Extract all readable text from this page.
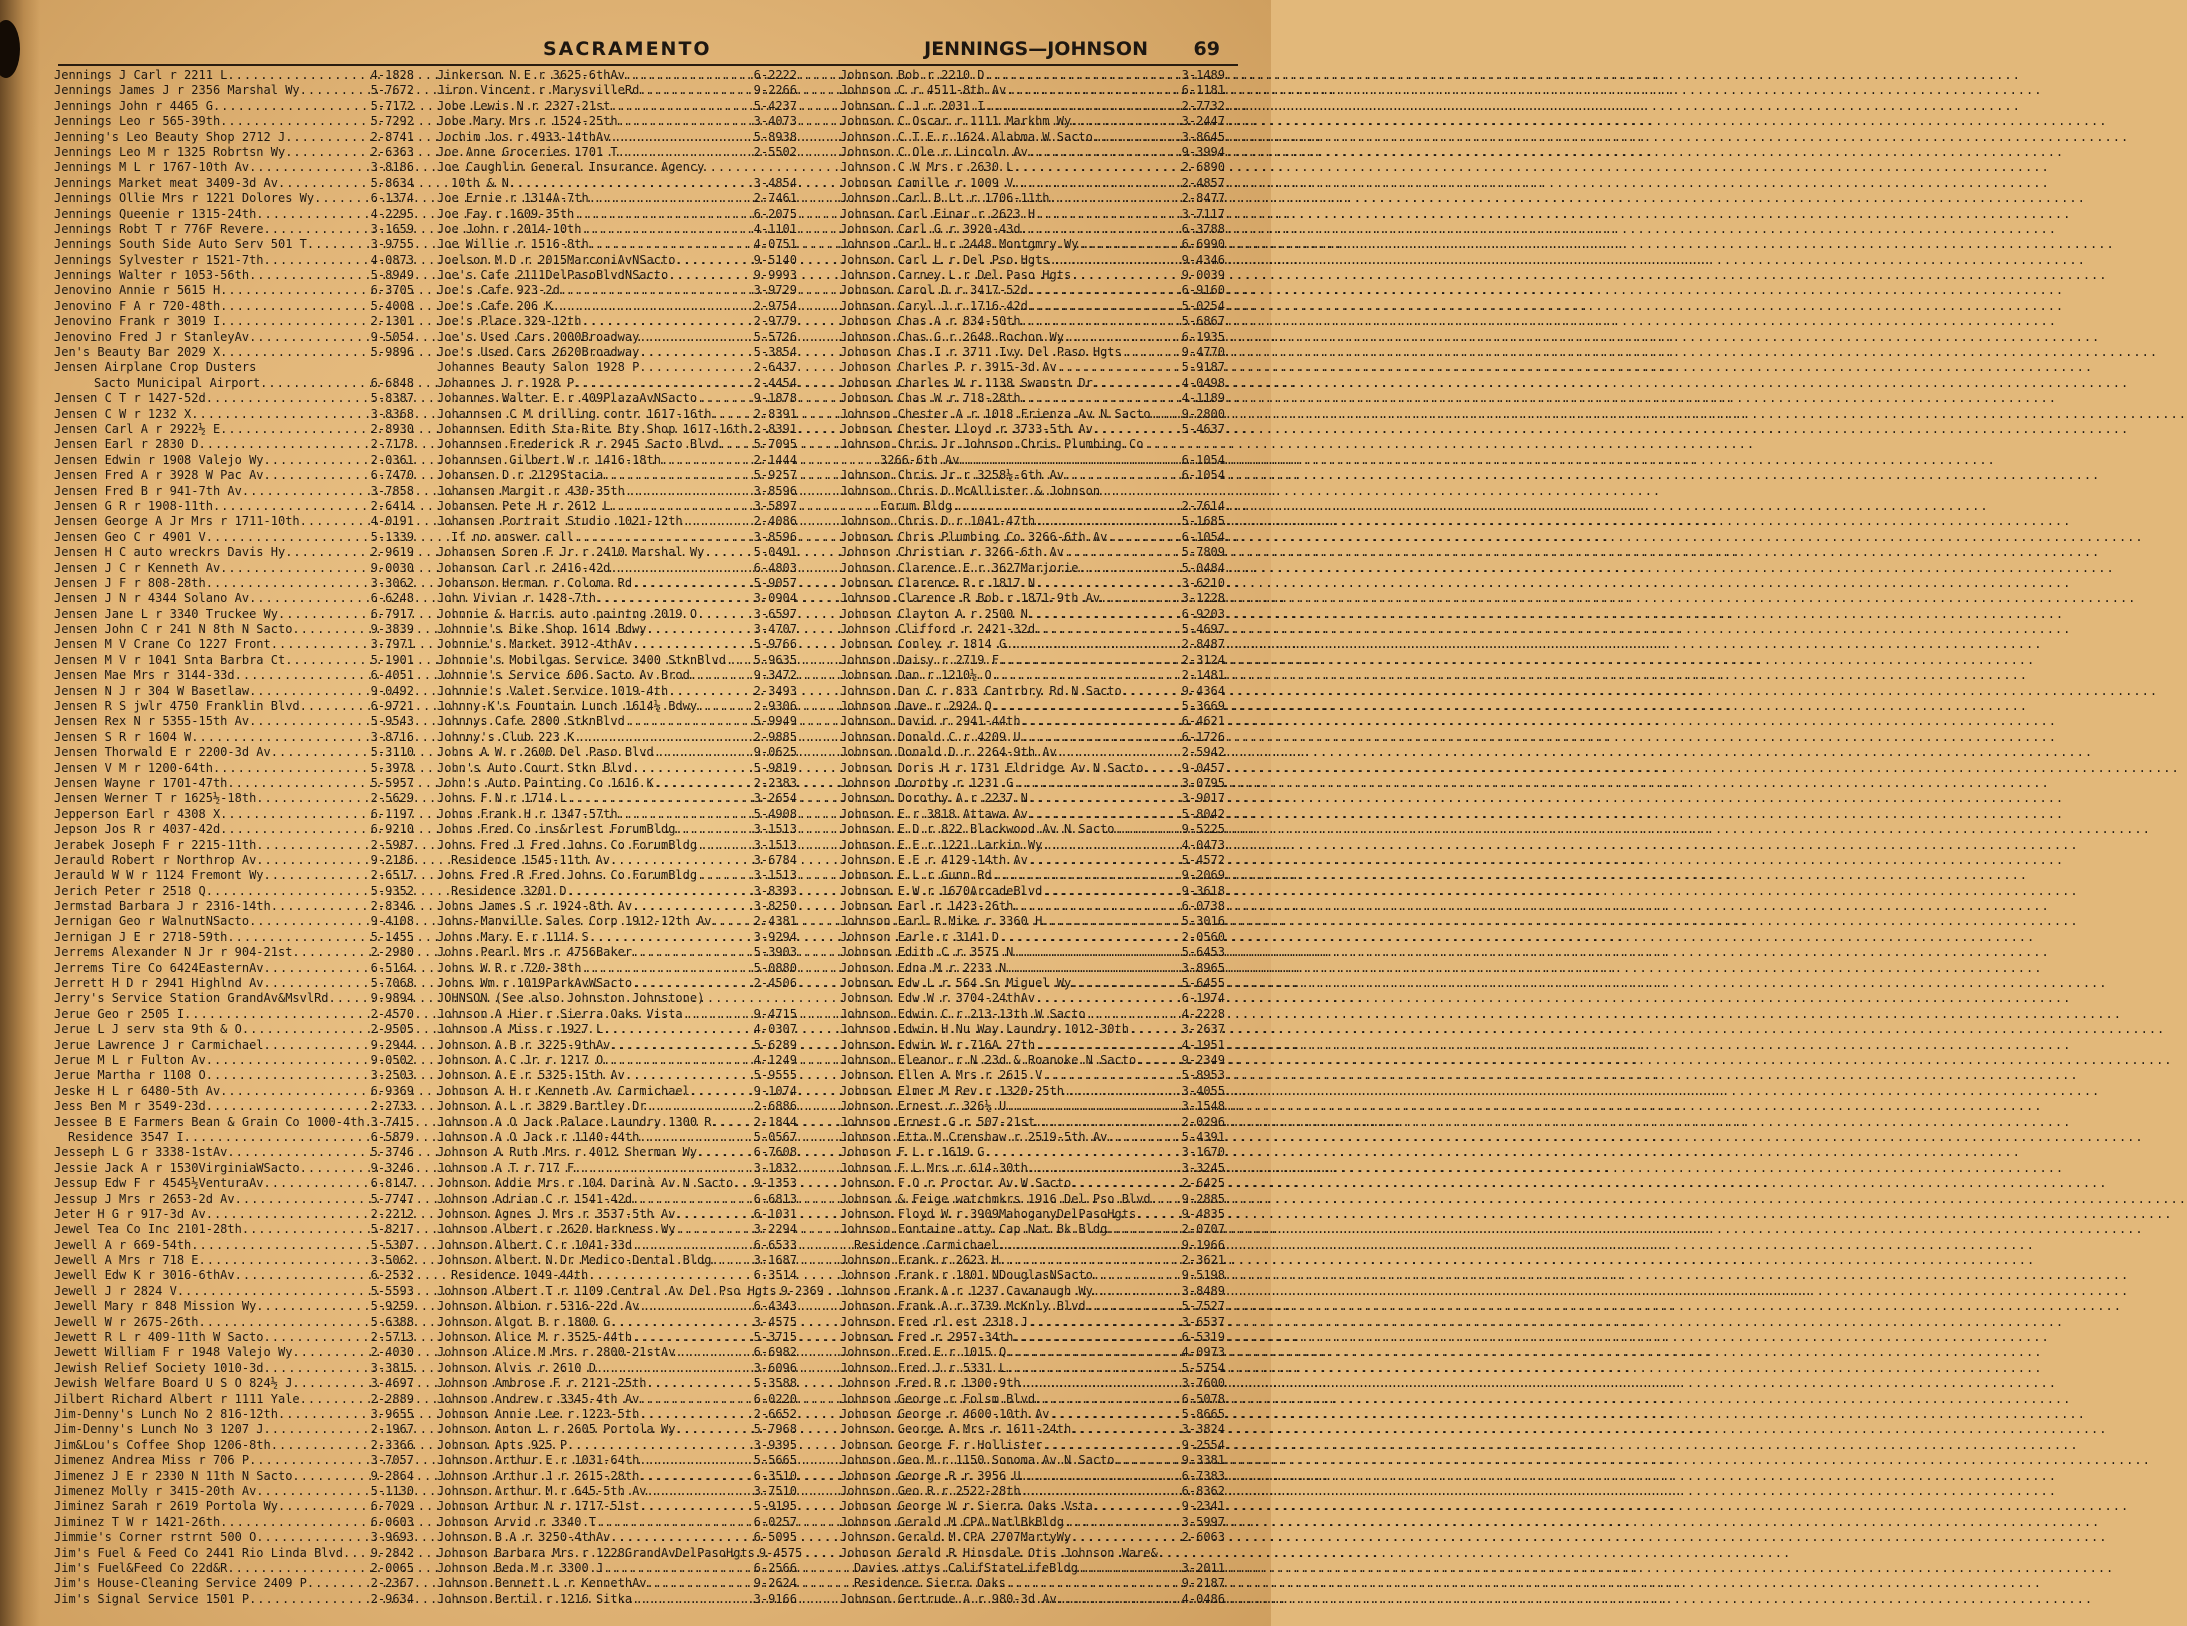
SACRAMENTO	JENNINGS—JOHNSON 69
Jennings J Carl r 2211 L .....	4-1828
Jennings James J r 2356 Marshal Wy .....	5-7672
Jennings John r 4465 G .....	5-7172
Jennings Leo r 565-39th .....	5-7292
Jenning's Leo Beauty Shop 2712 J .....	2-8741
Jennings Leo M r 1325 Robrtsn Wy .....	2-6363
Jennings M L r 1767-10th Av .....	3-8186
Jennings Market meat 3409-3d Av .....	5-8634
Jennings Ollie Mrs r 1221 Dolores Wy .....	6-1374
Jennings Queenie r 1315-24th .....	4-2295
Jennings Robt T r 776F Revere .....	3-1659
Jennings South Side Auto Serv 501 T .....	3-9755
Jennings Sylvester r 1521-7th .....	4-0873
Jennings Walter r 1053-56th .....	5-8949
Jenovino Annie r 5615 H .....	6-3705
Jenovino F A r 720-48th .....	5-4008
Jenovino Frank r 3019 I .....	2-1301
Jenovino Fred J r StanleyAv .....	9-5054
Jen's Beauty Bar 2029 X .....	5-9896
Jensen Airplane Crop Dusters
Sacto Municipal Airport .....	6-6848
Jensen C T r 1427-52d .....	5-8387
Jensen C W r 1232 X .....	3-8368
Jensen Carl A r 2922½ E .....	2-8930
Jensen Earl r 2830 D .....	2-7178
Jensen Edwin r 1908 Valejo Wy .....	2-0361
Jensen Fred A r 3928 W Pac Av .....	6-7470
Jensen Fred B r 941-7th Av .....	3-7858
Jensen G R r 1908-11th .....	2-6414
Jensen George A Jr Mrs r 1711-10th .....	4-0191
Jensen Geo C r 4901 V .....	5-1339
Jensen H C auto wreckrs Davis Hy .....	2-9619
Jensen J C r Kenneth Av .....	9-0030
Jensen J F r 808-28th .....	3-3062
Jensen J N r 4344 Solano Av .....	6-6248
Jensen Jane L r 3340 Truckee Wy .....	6-7917
Jensen John C r 241 N 8th N Sacto .....	9-3839
Jensen M V Crane Co 1227 Front .....	3-7971
Jensen M V r 1041 Snta Barbra Ct .....	5-1901
Jensen Mae Mrs r 3144-33d .....	6-4051
Jensen N J r 304 W Basetlaw .....	9-0492
Jensen R S jwlr 4750 Franklin Blvd .....	6-9721
Jensen Rex N r 5355-15th Av .....	5-9543
Jensen S R r 1604 W .....	3-8716
Jensen Thorwald E r 2200-3d Av .....	5-3110
Jensen V M r 1200-64th .....	5-3978
Jensen Wayne r 1701-47th .....	5-5957
Jensen Werner T r 1625½-18th .....	2-5629
Jepperson Earl r 4308 X .....	6-1197
Jepson Jos R r 4037-42d .....	6-9210
Jerabek Joseph F r 2215-11th .....	2-5987
Jerauld Robert r Northrop Av .....	9-2186
Jerauld W W r 1124 Fremont Wy .....	2-6517
Jerich Peter r 2518 Q .....	5-9352
Jermstad Barbara J r 2316-14th .....	2-8346
Jernigan Geo r WalnutNSacto .....	9-4108
Jernigan J E r 2718-59th .....	5-1455
Jerrems Alexander N Jr r 904-21st .....	2-2980
Jerrems Tire Co 6424EasternAv .....	6-5164
Jerrett H D r 2941 Highlnd Av .....	5-7068
Jerry's Service Station GrandAv&MsvlRd .....	9-9894
Jerue Geo r 2505 I .....	2-4570
Jerue L J serv sta 9th & O .....	2-9505
Jerue Lawrence J r Carmichael .....	9-2944
Jerue M L r Fulton Av .....	9-0502
Jerue Martha r 1108 O .....	3-2503
Jeske H L r 6480-5th Av .....	6-9369
Jess Ben M r 3549-23d .....	2-2733
Jessee B E Farmers Bean & Grain Co 1000-4th ..... 3-7415
Residence 3547 I .....	6-5879
Jesseph L G r 3338-1stAv .....	5-3746
Jessie Jack A r 1530VirginiaWSacto .....	9-3246
Jessup Edw F r 4545½VenturaAv .....	6-8147
Jessup J Mrs r 2653-2d Av .....	5-7747
Jeter H G r 917-3d Av .....	2-2212
Jewel Tea Co Inc 2101-28th .....	5-8217
Jewell A r 669-54th .....	5-5307
Jewell A Mrs r 718 E .....	3-5062
Jewell Edw K r 3016-6thAv .....	6-2532
Jewell J r 2824 V .....	5-5593
Jewell Mary r 848 Mission Wy .....	5-9259
Jewell W r 2675-26th .....	5-6388
Jewett R L r 409-11th W Sacto .....	2-5713
Jewett William F r 1948 Valejo Wy .....	2-4030
Jewish Relief Society 1010-3d .....	3-3815
Jewish Welfare Board U S O 824½ J .....	3-4697
Jilbert Richard Albert r 1111 Yale .....	2-2889
Jim-Denny's Lunch No 2 816-12th .....	3-9655
Jim-Denny's Lunch No 3 1207 J .....	2-1967
Jim&Lou's Coffee Shop 1206-8th .....	2-3366
Jimenez Andrea Miss r 706 P .....	3-7057
Jimenez J E r 2330 N 11th N Sacto .....	9-2864
Jimenez Molly r 3415-20th Av .....	5-1130
Jiminez Sarah r 2619 Portola Wy .....	6-7029
Jiminez T W r 1421-26th .....	6-0603
Jimmie's Corner rstrnt 500 O .....	3-9693
Jim's Fuel & Feed Co 2441 Rio Linda Blvd ..... 9-2842
Jim's Fuel&Feed Co 22d&R .....	2-0065
Jim's House-Cleaning Service 2409 P .....	2-2367
Jim's Signal Service 1501 P .....	2-9634
Jinkerson N E r 3625-6thAv .....	6-2222
Jiron Vincent r MarysvilleRd .....	9-2266
Jobe Lewis N r 2327-21st .....	5-4237
Jobe Mary Mrs r 1524-25th .....	3-4073
Jochim Jos r 4933-14thAv .....	5-8938
Joe Anne Groceries 1701 T .....	2-5502
Joe Caughlin General Insurance Agency
10th & N .....	3-4854
Joe Ernie r 1314A-7th .....	2-7461
Joe Fay r 1609-35th .....	6-2075
Joe John r 2014-10th .....	4-1101
Joe Willie r 1516-8th .....	4-0751
Joelson M D r 2015MarconiAvNSacto .....	9-5140
Joe's Cafe 2111DelPasoBlvdNSacto .....	9-9993
Joe's Cafe 923-2d .....	3-9729
Joe's Cafe 206 K .....	2-9754
Joe's Place 329-12th .....	2-9779
Joe's Used Cars 2000Broadway .....	5-5726
Joe's Used Cars 2620Broadway .....	5-3854
Johannes Beauty Salon 1928 P .....	2-6437
Johannes J r 1928 P .....	2-4454
Johannes Walter E r 409PlazaAvNSacto .....	9-1878
Johannsen C M drilling contr 1617-16th .....	2-8391
Johannsen Edith Sta-Rite Bty Shop 1617-16th ..... 2-8391
Johannsen Frederick R r 2945 Sacto Blvd .....	5-7095
Johannsen Gilbert W r 1416-18th .....	2-1444
Johansen D r 2129Stacia .....	5-9257
Johansen Margit r 430-35th .....	3-8596
Johansen Pete H r 2612 L .....	3-5897
Johansen Portrait Studio 1021-12th .....	2-4086
If no answer call .....	3-8596
Johansen Soren F Jr r 2410 Marshal Wy .....	5-0491
Johanson Carl r 2416-42d .....	6-4803
Johanson Herman r Coloma Rd .....	5-9057
John Vivian r 1428-7th .....	3-0904
Johnnie & Harris auto paintng 2019 O .....	3-6597
Johnnie's Bike Shop 1614 Bdwy .....	3-4707
Johnnie's Market 3912-4thAv .....	5-9766
Johnnie's Mobilgas Service 3400 StknBlvd ..... 5-9635
Johnnie's Service 606 Sacto Av Brod .....	9-3472
Johnnie's Valet Service 1019-4th .....	2-3493
Johnny-K's Fountain Lunch 1614½ Bdwy .....	2-9306
Johnnys Cafe 2800 StknBlvd .....	5-9949
Johnny's Club 223 K .....	2-9885
Johns A W r 2600 Del Paso Blvd .....	9-0625
John's Auto Court Stkn Blvd .....	5-9819
John's Auto Painting Co 1616 K .....	2-2383
Johns F N r 1714 L .....	3-2654
Johns Frank H r 1347-57th .....	5-4908
Johns Fred Co ins&rlest ForumBldg .....	3-1513
Johns Fred J Fred Johns Co ForumBldg .....	3-1513
Residence 1545-11th Av .....	3-6784
Johns Fred R Fred Johns Co ForumBldg .....	3-1513
Residence 3201 D .....	3-8393
Johns James S r 1924-8th Av .....	3-8250
Johns-Manville Sales Corp 1912-12th Av .....	2-4381
Johns Mary E r 1114 S .....	3-9294
Johns Pearl Mrs r 4756Baker .....	5-3903
Johns W R r 720-38th .....	5-0880
Johns Wm r 1019ParkAvWSacto .....	2-4506
JOHNSON (See also Johnston Johnstone)
Johnson A Hier r Sierra Oaks Vista .....	9-4715
Johnson A Miss r 1927 L .....	4-0307
Johnson A B r 3225-9thAv .....	5-6289
Johnson A C Jr r 1217 O .....	4-1249
Johnson A E r 5325-15th Av .....	5-9555
Johnson A H r Kenneth Av Carmichael .....	9-1074
Johnson A L r 3829 Bartley Dr .....	2-6886
Johnson A O Jack Palace Laundry 1300 R .....	2-1844
Johnson A O Jack r 1140-44th .....	5-0567
Johnson A Ruth Mrs r 4012 Sherman Wy .....	6-7608
Johnson A T r 717 F .....	3-1832
Johnson Addie Mrs r 104 Darinà Av N Sacto ..... 9-1353
Johnson Adrian C r 1541-42d .....	6-6813
Johnson Agnes J Mrs r 3537-5th Av .....	6-1031
Johnson Albert r 2620 Harkness Wy .....	3-2294
Johnson Albert C r 1041-33d .....	6-6533
Johnson Albert N Dr Medico-Dental Bldg .....	3-1687
Residence 1049-44th .....	6-3514
Johnson Albert T r 1109 Central Av Del Pso Hgts ..... 9-2369
Johnson Albion r 5316-22d Av .....	6-4343
Johnson Algot B r 1800 G .....	3-4575
Johnson Alice M r 3525-44th .....	5-3715
Johnson Alice M Mrs r 2800-21stAv .....	6-6982
Johnson Alvis r 2610 D .....	3-6096
Johnson Ambrose F r 2121-25th .....	5-3588
Johnson Andrew r 3345-4th Av .....	6-0220
Johnson Annie Lee r 1223-5th .....	2-6652
Johnson Anton L r 2605 Portola Wy .....	5-7968
Johnson Apts 925 P .....	3-9395
Johnson Arthur E r 1031-64th .....	5-5665
Johnson Arthur J r 2615-28th .....	6-3510
Johnson Arthur M r 645-5th Av .....	3-7510
Johnson Arthur N r 1717-51st .....	5-9195
Johnson Arvid r 3340 T .....	6-0257
Johnson B A r 3250-4thAv .....	6-5095
Johnson Barbara Mrs r 1228GrandAvDelPasoHgts ..... 9-4575
Johnson Beda M r 3300 J .....	6-2566
Johnson Bennett L r KennethAv .....	9-2624
Johnson Bertil r 1216 Sitka .....	3-9166
Johnson Bob r 2210 D .....	3-1489
Johnson C r 4511-8th Av .....	6-1181
Johnson C J r 2031 I .....	2-7732
Johnson C Oscar r 1111 Markhm Wy .....	3-2447
Johnson C T E r 1624 Alabma W Sacto .....	3-8645
Johnson C Ole r Lincoln Av .....	9-3994
Johnson C W Mrs r 2630 L .....	2-6890
Johnson Camille r 1009 V .....	2-4857
Johnson Carl B Lt r 1706-11th .....	2-8477
Johnson Carl Einar r 2623 H .....	3-7117
Johnson Carl G r 3920-43d .....	6-3788
Johnson Carl H r 2448 Montgmry Wy .....	6-6990
Johnson Carl L r Del Pso Hgts .....	9-4346
Johnson Carney L r Del Paso Hgts .....	9-0039
Johnson Carol D r 3417-52d .....	6-9160
Johnson Caryl J r 1716-42d .....	5-0254
Johnson Chas A r 834-50th .....	5-6867
Johnson Chas G r 2648 Rochon Wy .....	6-1935
Johnson Chas I r 3711 Ivy Del Paso Hgts .....	9-4770
Johnson Charles P r 3915-3d Av .....	5-9187
Johnson Charles W r 1138 Swanstn Dr .....	4-0498
Johnson Chas W r 718-28th .....	4-1189
Johnson Chester A r 1018 Frienza Av N Sacto .....	9-2800
Johnson Chester Lloyd r 3733-5th Av .....	5-4637
Johnson Chris Jr Johnson Chris Plumbing Co
3266-6th Av .....	6-1054
Johnson Chris Jr r 3258½-6th Av .....	6-1054
Johnson Chris D McAllister & Johnson
Forum Bldg .....	2-7614
Johnson Chris D r 1041-47th .....	5-1685
Johnson Chris Plumbing Co 3266-6th Av .....	6-1054
Johnson Christian r 3266-6th Av .....	5-7809
Johnson Clarence E r 3627Marjorie .....	5-0484
Johnson Clarence R r 1817 N .....	3-6210
Johnson Clarence R Bob r 1871-9th Av .....	3-1228
Johnson Clayton A r 2500 N .....	6-9203
Johnson Clifford r 2421-32d .....	5-4697
Johnson Conley r 1814 G .....	2-8487
Johnson Daisy r 2719 F .....	2-3124
Johnson Dan r 1210½ O .....	2-1481
Johnson Dan C r 833 Cantrbry Rd N Sacto .....	9-4364
Johnson Dave r 2924 Q .....	5-3669
Johnson David r 2941-44th .....	6-4621
Johnson Donald C r 4209 U .....	6-1726
Johnson Donald D r 2264-9th Av .....	2-5942
Johnson Doris H r 1731 Eldridge Av N Sacto .....	9-0457
Johnson Dorothy r 1231 G .....	3-0795
Johnson Dorothy A r 2237 N .....	3-9017
Johnson E r 3818 Attawa Av .....	5-8042
Johnson E D r 822 Blackwood Av N Sacto .....	9-5225
Johnson E E r 1221 Larkin Wy .....	4-0473
Johnson E E r 4129-14th Av .....	5-4572
Johnson E L r Gunn Rd .....	9-2069
Johnson E W r 1670ArcadeBlvd .....	9-3618
Johnson Earl r 1423-26th .....	6-0738
Johnson Earl R Mike r 3360 H .....	5-3016
Johnson Earle r 3141 D .....	2-0560
Johnson Edith C r 3575 N .....	5-6453
Johnson Edna M r 2233 N .....	3-8965
Johnson Edw L r 564 Sn Miguel Wy .....	5-6455
Johnson Edw W r 3704-24thAv .....	6-1974
Johnson Edwin C r 213-13th W Sacto .....	4-2228
Johnson Edwin H Nu Way Laundry 1012-30th .....	3-2637
Johnson Edwin W r 716A 27th .....	4-1951
Johnson Eleanor r N 23d & Roanoke N Sacto .....	9-2349
Johnson Ellen A Mrs r 2615 V .....	5-8953
Johnson Elmer M Rev r 1320-25th .....	3-4055
Johnson Ernest r 326½ U .....	3-1548
Johnson Ernest G r 507-21st .....	2-0296
Johnson Etta M Crenshaw r 2519-5th Av .....	5-4391
Johnson F L r 1619 G .....	3-1670
Johnson F L Mrs r 614-30th .....	3-3245
Johnson F O r Proctor Av W Sacto .....	2-6425
Johnson & Feige watchmkrs 1916 Del Pso Blvd .....	9-2885
Johnson Floyd W r 3909MahoganyDelPasoHgts .....	9-4835
Johnson Fontaine atty Cap Nat Bk Bldg .....	2-0707
Residence Carmichael .....	9-1966
Johnson Frank r 2623 H .....	2-3621
Johnson Frank r 1801 NDouglasNSacto .....	9-5198
Johnson Frank A r 1237 Cavanaugh Wy .....	3-8489
Johnson Frank A r 3739 McKnly Blvd .....	5-7527
Johnson Fred rl est 2318 J .....	3-6537
Johnson Fred r 2957-34th .....	6-5319
Johnson Fred E r 1015 Q .....	4-0973
Johnson Fred J r 5331 L .....	5-5754
Johnson Fred R r 1300-9th .....	3-7600
Johnson George r Folsm Blvd .....	6-5078
Johnson George r 4600-10th Av .....	5-8665
Johnson George A Mrs r 1611-24th .....	3-3824
Johnson George F r Hollister .....	9-2554
Johnson Geo M r 1150 Sonoma Av N Sacto .....	9-3381
Johnson George R r 3956 U .....	6-7383
Johnson Geo R r 2522-28th .....	6-8362
Johnson George W r Sierra Oaks Vsta .....	9-2341
Johnson Gerald M CPA NatlBkBldg .....	3-5997
Johnson Gerald M CPA 2707MartyWy .....	2-6063
Johnson Gerald R Hinsdale Otis Johnson Ware&
Davies attys CalifStateLifeBldg .....	3-2011
Residence Sierra Oaks .....	9-2187
Johnson Gertrude A r 980-3d Av .....	4-0486
